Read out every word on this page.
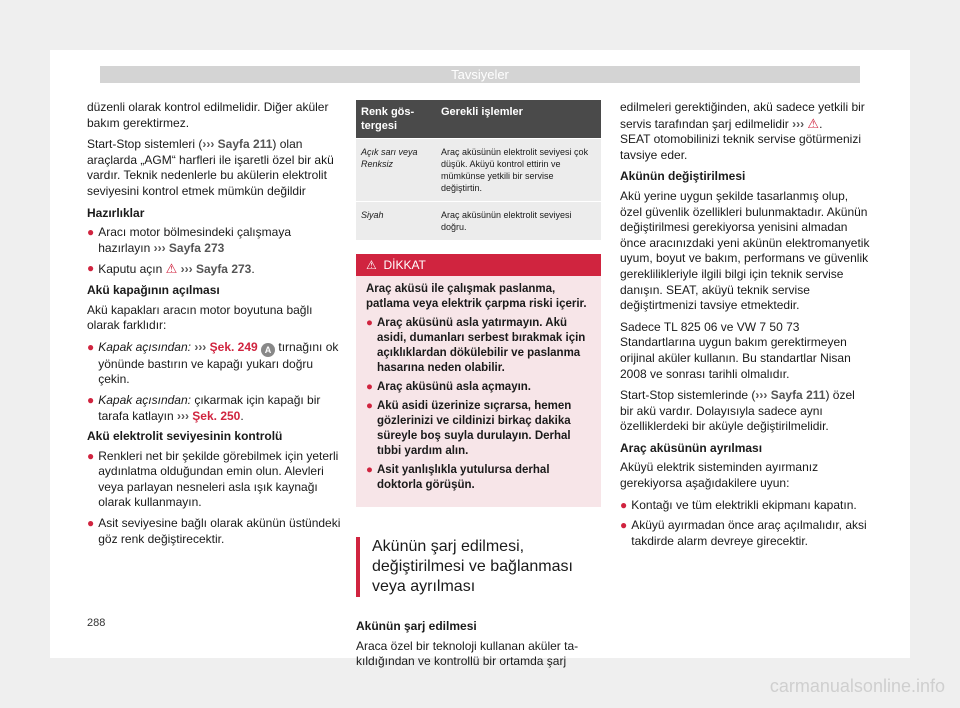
Tavsiyeler
düzenli olarak kontrol edilmelidir. Diğer aküler bakım gerektirmez.
Start-Stop sistemleri (››› Sayfa 211) olan araçlarda „AGM“ harfleri ile işaretli özel bir akü vardır. Teknik nedenlerle bu akülerin elektrolit seviyesini kontrol etmek mümkün değildir
Hazırlıklar
● Aracı motor bölmesindeki çalışmaya hazırlayın ››› Sayfa 273
● Kaputu açın ⚠ ››› Sayfa 273.
Akü kapağının açılması
Akü kapakları aracın motor boyutuna bağlı olarak farklıdır:
● Kapak açısından: ››› Şek. 249 A tırnağını ok yönünde bastırın ve kapağı yukarı doğru çekin.
● Kapak açısından: çıkarmak için kapağı bir tarafa katlayın ››› Şek. 250.
Akü elektrolit seviyesinin kontrolü
● Renkleri net bir şekilde görebilmek için yeterli aydınlatma olduğundan emin olun. Alevleri veya parlayan nesneleri asla ışık kaynağı olarak kullanmayın.
● Asit seviyesine bağlı olarak akünün üstündeki göz renk değiştirecektir.
Renk gös-tergesi	Gerekli işlemler
Açık sarı veya Renksiz	Araç aküsünün elektrolit seviyesi çok düşük. Aküyü kontrol ettirin ve mümkünse yetkili bir servise değiştirtin.
Siyah	Araç aküsünün elektrolit seviyesi doğru.
⚠ DİKKAT
Araç aküsü ile çalışmak paslanma, patlama veya elektrik çarpma riski içerir.
● Araç aküsünü asla yatırmayın. Akü asidi, dumanları serbest bırakmak için açıklıklardan dökülebilir ve paslanma hasarına neden olabilir.
● Araç aküsünü asla açmayın.
● Akü asidi üzerinize sıçrarsa, hemen gözlerinizi ve cildinizi birkaç dakika süreyle boş suyla durulayın. Derhal tıbbi yardım alın.
● Asit yanlışlıkla yutulursa derhal doktorla görüşün.
Akünün şarj edilmesi, değiştirilmesi ve bağlanması veya ayrılması
Akünün şarj edilmesi
Araca özel bir teknoloji kullanan aküler ta-kıldığından ve kontrollü bir ortamda şarj
edilmeleri gerektiğinden, akü sadece yetkili bir servis tarafından şarj edilmelidir ››› ⚠.
SEAT otomobilinizi teknik servise götürmenizi tavsiye eder.
Akünün değiştirilmesi
Akü yerine uygun şekilde tasarlanmış olup, özel güvenlik özellikleri bulunmaktadır. Akünün değiştirilmesi gerekiyorsa yenisini almadan önce aracınızdaki yeni akünün elektromanyetik uyum, boyut ve bakım, performans ve güvenlik gereklilikleriyle ilgili bilgi için teknik servise danışın. SEAT, aküyü teknik servise değiştirtmenizi tavsiye etmektedir.
Sadece TL 825 06 ve VW 7 50 73 Standartlarına uygun bakım gerektirmeyen orijinal aküler kullanın. Bu standartlar Nisan 2008 ve sonrası tarihli olmalıdır.
Start-Stop sistemlerinde (››› Sayfa 211) özel bir akü vardır. Dolayısıyla sadece aynı özelliklerdeki bir aküyle değiştirilmelidir.
Araç aküsünün ayrılması
Aküyü elektrik sisteminden ayırmanız gerekiyorsa aşağıdakilere uyun:
● Kontağı ve tüm elektrikli ekipmanı kapatın.
● Aküyü ayırmadan önce araç açılmalıdır, aksi takdirde alarm devreye girecektir.
288
carmanualsonline.info
